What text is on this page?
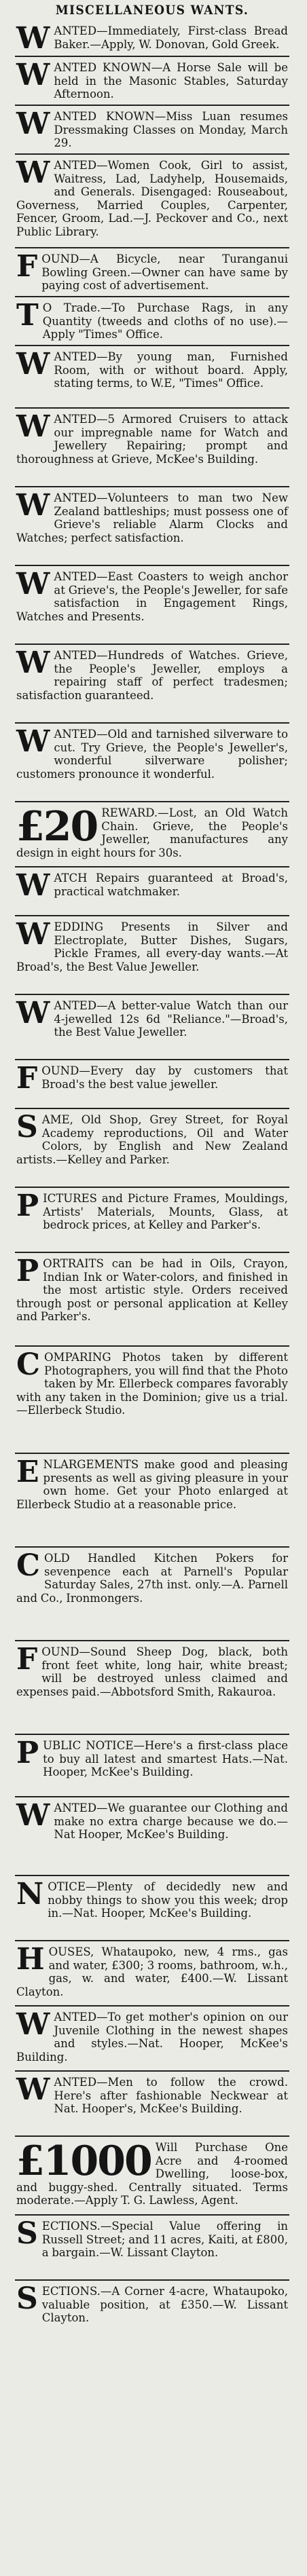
MISCELLANEOUS WANTS.

WANTED—Immediately, First-class Bread Baker.—Apply, W. Donovan, Gold Greek.

WANTED KNOWN—A Horse Sale will be held in the Masonic Stables, Saturday Afternoon.

WANTED KNOWN—Miss Luan resumes Dressmaking Classes on Monday, March 29.

WANTED—Women Cook, Girl to assist, Waitress, Lad, Ladyhelp, Housemaids, and Generals. Disengaged: Rouseabout, Governess, Married Couples, Carpenter, Fencer, Groom, Lad.—J. Peckover and Co., next Public Library.

FOUND—A Bicycle, near Turanganui Bowling Green.—Owner can have same by paying cost of advertisement.

T O Trade.—To Purchase Rags, in any Quantity (tweeds and cloths of no use).—Apply "Times" Office.

WANTED—By young man, Furnished Room, with or without board. Apply, stating terms, to W.E, "Times" Office.

WANTED—5 Armored Cruisers to attack our impregnable name for Watch and Jewellery Repairing; prompt and thoroughness at Grieve, McKee's Building.

WANTED—Volunteers to man two New Zealand battleships; must possess one of Grieve's reliable Alarm Clocks and Watches; perfect satisfaction.

WANTED—East Coasters to weigh anchor at Grieve's, the People's Jeweller, for safe satisfaction in Engagement Rings, Watches and Presents.

WANTED—Hundreds of Watches. Grieve, the People's Jeweller, employs a repairing staff of perfect tradesmen; satisfaction guaranteed.

WANTED—Old and tarnished silverware to cut. Try Grieve, the People's Jeweller's, wonderful silverware polisher; customers pronounce it wonderful.

£20 REWARD.—Lost, an Old Watch Chain. Grieve, the People's Jeweller, manufactures any design in eight hours for 30s.

WATCH Repairs guaranteed at Broad's, practical watchmaker.

WEDDING Presents in Silver and Electroplate, Butter Dishes, Sugars, Pickle Frames, all every-day wants.—At Broad's, the Best Value Jeweller.

WANTED—A better-value Watch than our 4-jewelled 12s 6d "Reliance."—Broad's, the Best Value Jeweller.

FOUND—Every day by customers that Broad's the best value jeweller.

SAME, Old Shop, Grey Street, for Royal Academy reproductions, Oil and Water Colors, by English and New Zealand artists.—Kelley and Parker.

PICTURES and Picture Frames, Mouldings, Artists' Materials, Mounts, Glass, at bedrock prices, at Kelley and Parker's.

PORTRAITS can be had in Oils, Crayon, Indian Ink or Water-colors, and finished in the most artistic style. Orders received through post or personal application at Kelley and Parker's.

COMPARING Photos taken by different Photographers, you will find that the Photo taken by Mr. Ellerbeck compares favorably with any taken in the Dominion; give us a trial.—Ellerbeck Studio.

ENLARGEMENTS make good and pleasing presents as well as giving pleasure in your own home. Get your Photo enlarged at Ellerbeck Studio at a reasonable price.

COLD Handled Kitchen Pokers for sevenpence each at Parnell's Popular Saturday Sales, 27th inst. only.—A. Parnell and Co., Ironmongers.

FOUND—Sound Sheep Dog, black, both front feet white, long hair, white breast; will be destroyed unless claimed and expenses paid.—Abbotsford Smith, Rakauroa.

PUBLIC NOTICE—Here's a first-class place to buy all latest and smartest Hats.—Nat. Hooper, McKee's Building.

WANTED—We guarantee our Clothing and make no extra charge because we do.—Nat Hooper, McKee's Building.

NOTICE—Plenty of decidedly new and nobby things to show you this week; drop in.—Nat. Hooper, McKee's Building.

HOUSES, Whataupoko, new, 4 rms., gas and water, £300; 3 rooms, bathroom, w.h., gas, w. and water, £400.—W. Lissant Clayton.

WANTED—To get mother's opinion on our Juvenile Clothing in the newest shapes and styles.—Nat. Hooper, McKee's Building.

WANTED—Men to follow the crowd. Here's after fashionable Neckwear at Nat. Hooper's, McKee's Building.

£1000 Will Purchase One Acre and 4-roomed Dwelling, loose-box, and buggy-shed. Centrally situated. Terms moderate.—Apply T. G. Lawless, Agent.

SECTIONS.—Special Value offering in Russell Street; and 11 acres, Kaiti, at £800, a bargain.—W. Lissant Clayton.

SECTIONS.—A Corner 4-acre, Whataupoko, valuable position, at £350.—W. Lissant Clayton.
